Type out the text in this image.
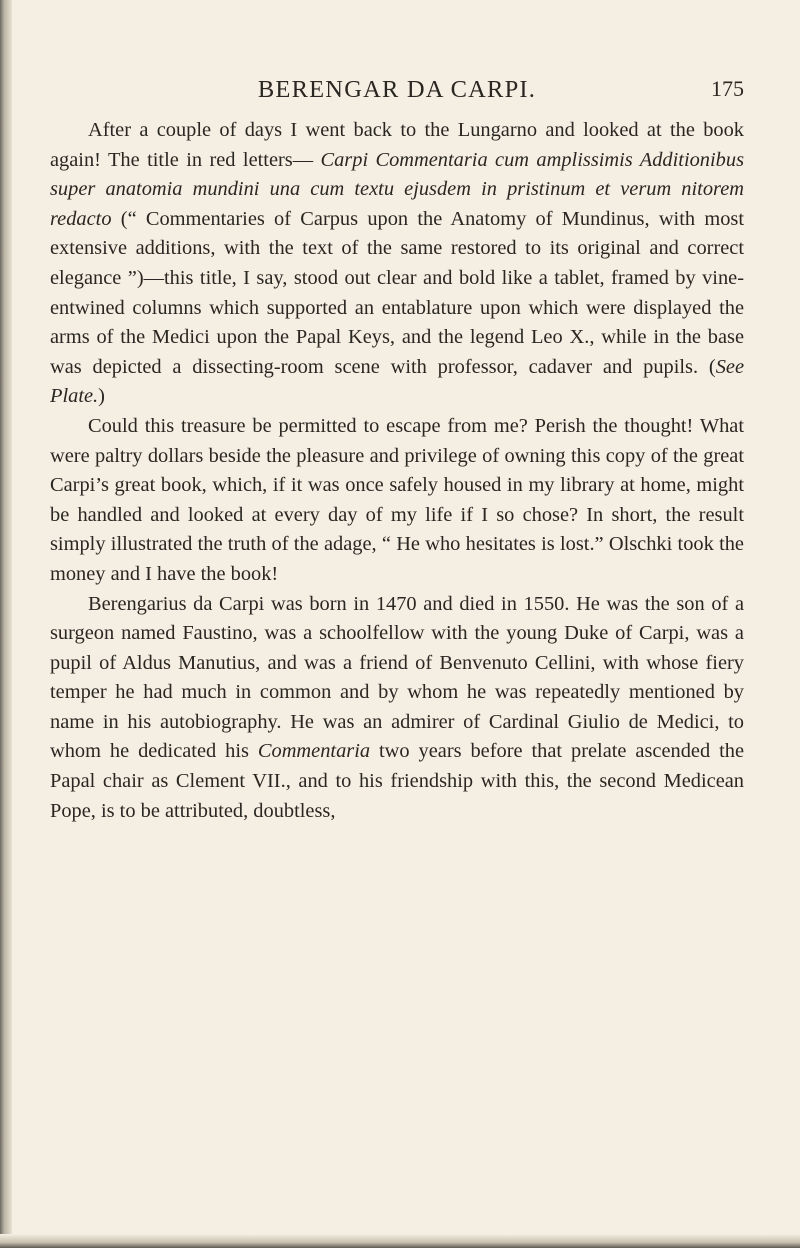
BERENGAR DA CARPI.	175

After a couple of days I went back to the Lungarno and looked at the book again! The title in red letters— Carpi Commentaria cum amplissimis Additionibus super anatomia mundini una cum textu ejusdem in pristinum et verum nitorem redacto (“ Commentaries of Carpus upon the Anatomy of Mundinus, with most extensive additions, with the text of the same restored to its original and correct elegance ”)—this title, I say, stood out clear and bold like a tablet, framed by vine-entwined columns which supported an entablature upon which were displayed the arms of the Medici upon the Papal Keys, and the legend Leo X., while in the base was depicted a dissecting-room scene with professor, cadaver and pupils. (See Plate.)

Could this treasure be permitted to escape from me? Perish the thought! What were paltry dollars beside the pleasure and privilege of owning this copy of the great Carpi’s great book, which, if it was once safely housed in my library at home, might be handled and looked at every day of my life if I so chose? In short, the result simply illustrated the truth of the adage, “ He who hesitates is lost.” Olschki took the money and I have the book!

Berengarius da Carpi was born in 1470 and died in 1550. He was the son of a surgeon named Faustino, was a schoolfellow with the young Duke of Carpi, was a pupil of Aldus Manutius, and was a friend of Benvenuto Cellini, with whose fiery temper he had much in common and by whom he was repeatedly mentioned by name in his autobiography. He was an admirer of Cardinal Giulio de Medici, to whom he dedicated his Commentaria two years before that prelate ascended the Papal chair as Clement VII., and to his friendship with this, the second Medicean Pope, is to be attributed, doubtless,
